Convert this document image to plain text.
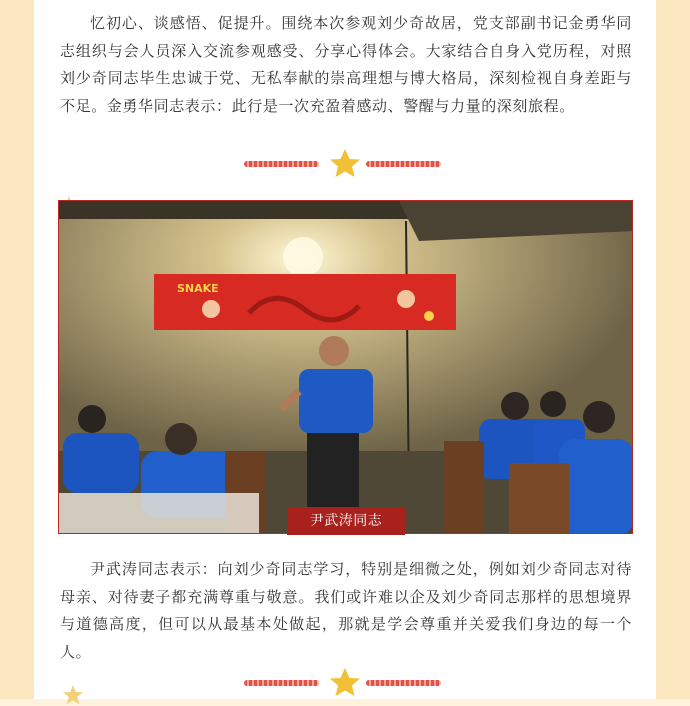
忆初心、谈感悟、促提升。围绕本次参观刘少奇故居，党支部副书记金勇华同志组织与会人员深入交流参观感受、分享心得体会。大家结合自身入党历程，对照刘少奇同志毕生忠诚于党、无私奉献的崇高理想与博大格局，深刻检视自身差距与不足。金勇华同志表示：此行是一次充盈着感动、警醒与力量的深刻旅程。

SNAKE
尹武涛同志

尹武涛同志表示：向刘少奇同志学习，特别是细微之处，例如刘少奇同志对待母亲、对待妻子都充满尊重与敬意。我们或许难以企及刘少奇同志那样的思想境界与道德高度，但可以从最基本处做起，那就是学会尊重并关爱我们身边的每一个人。
